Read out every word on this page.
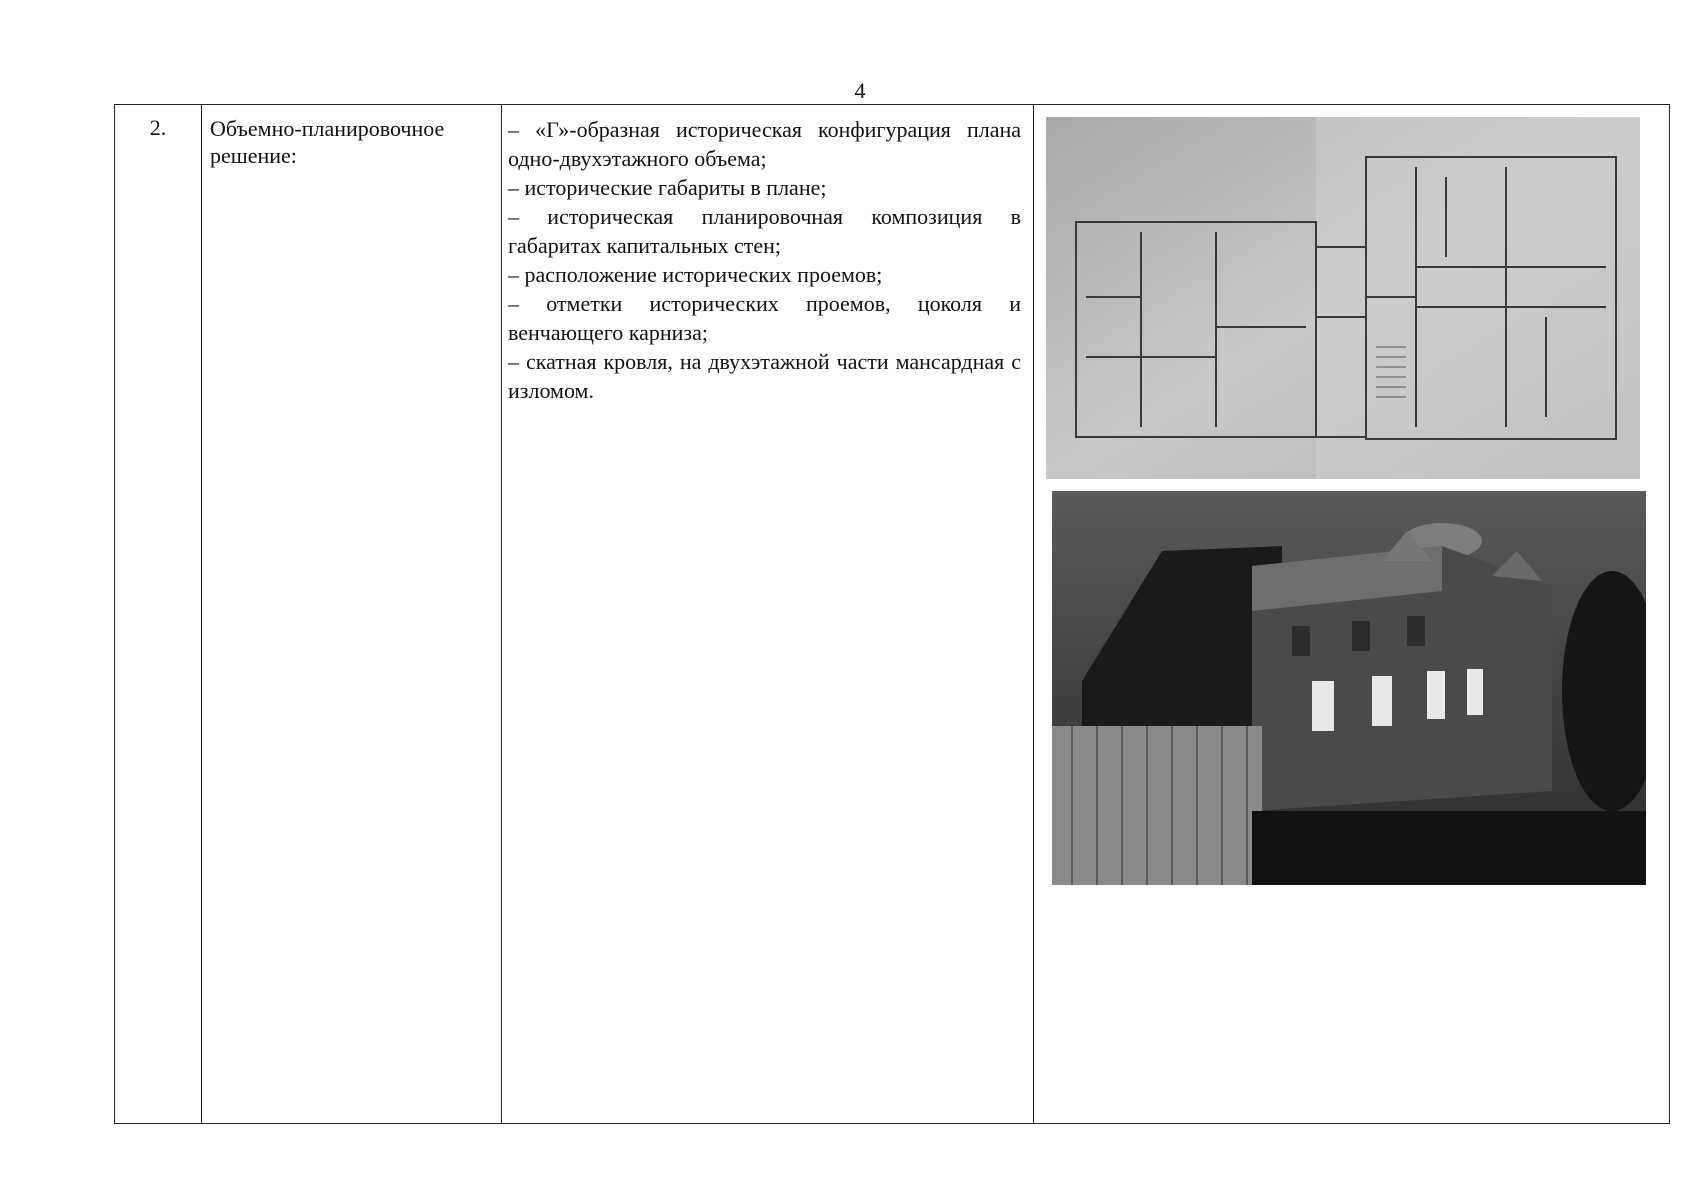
4
2.	Объемно-планировочное решение:
– «Г»-образная историческая конфигурация плана одно-двухэтажного объема;
– исторические габариты в плане;
– историческая планировочная композиция в габаритах капитальных стен;
– расположение исторических проемов;
– отметки исторических проемов, цоколя и венчающего карниза;
– скатная кровля, на двухэтажной части мансардная с изломом.
